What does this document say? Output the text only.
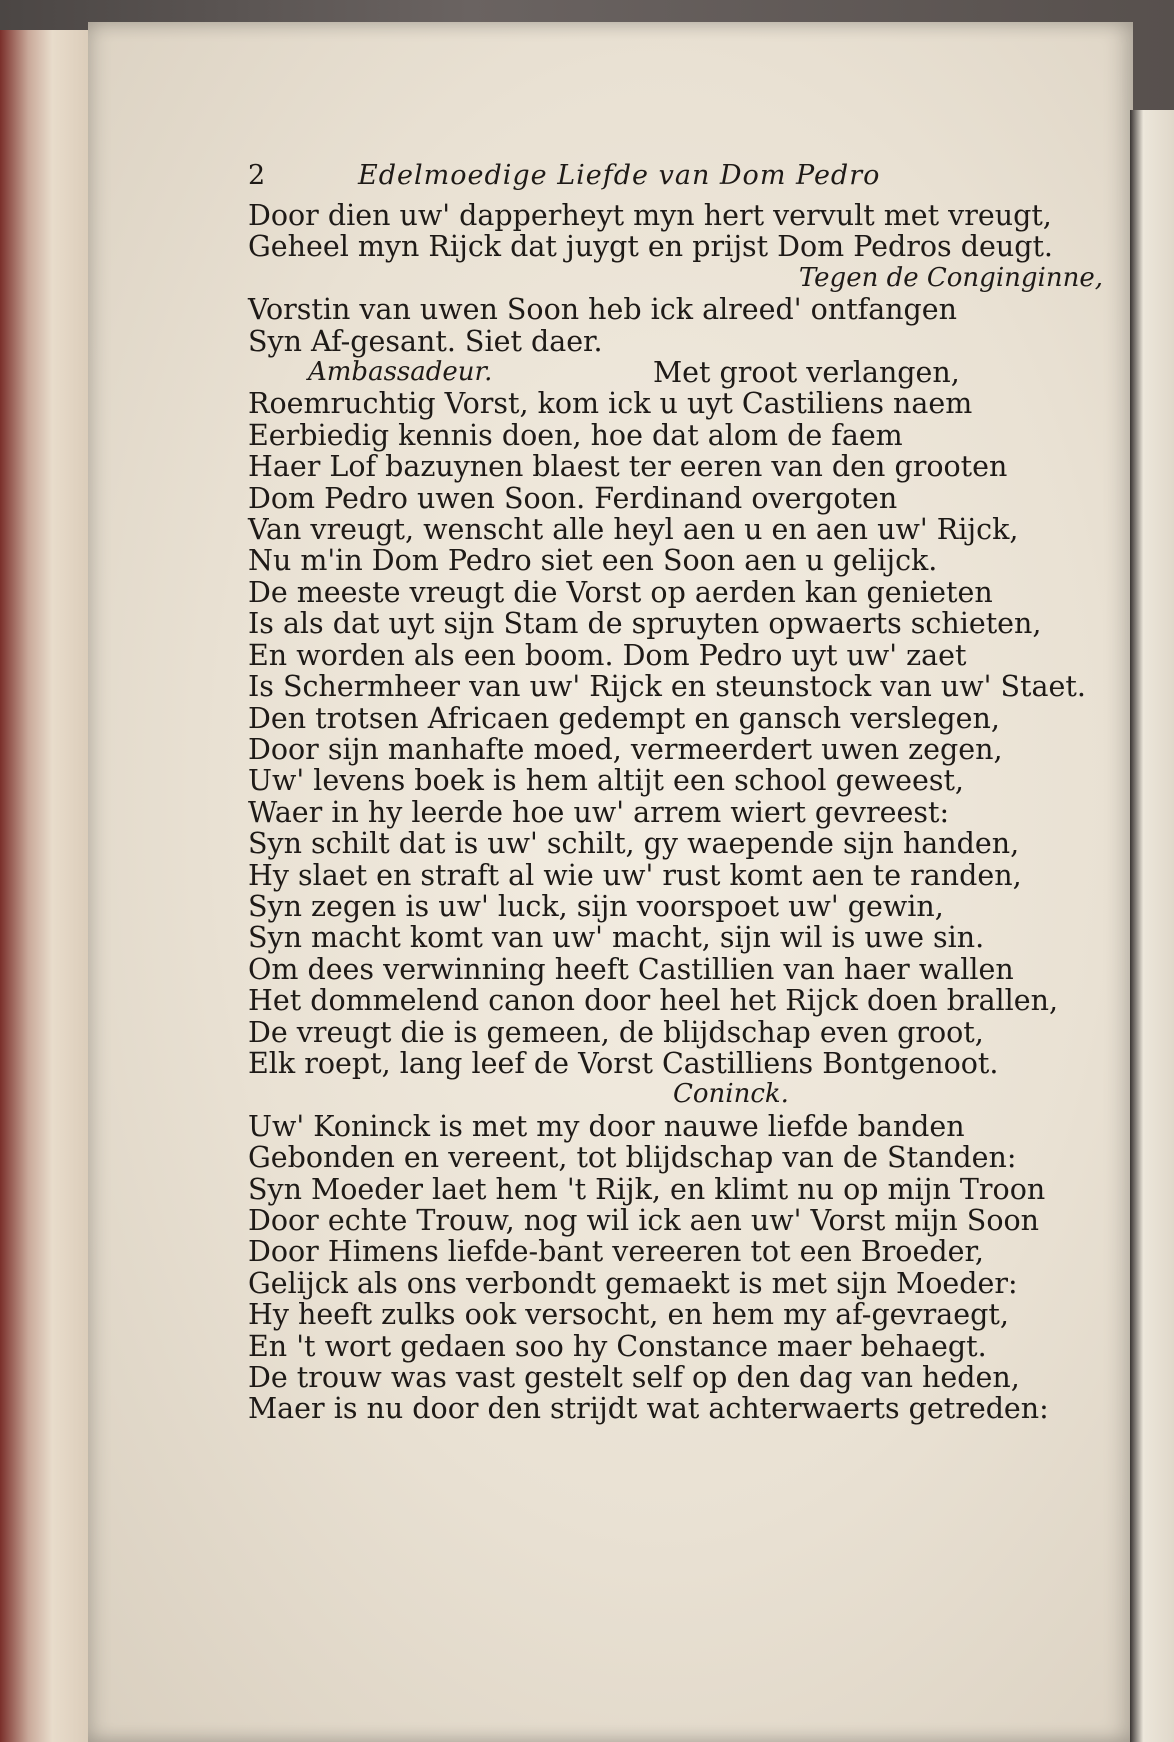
2	Edelmoedige Liefde van Dom Pedro
Door dien uw' dapperheyt myn hert vervult met vreugt,
Geheel myn Rijck dat juygt en prijst Dom Pedros deugt.
Tegen de Conginginne,
Vorstin van uwen Soon heb ick alreed' ontfangen
Syn Af-gesant. Siet daer.
Ambassadeur.	Met groot verlangen,
Roemruchtig Vorst, kom ick u uyt Castiliens naem
Eerbiedig kennis doen, hoe dat alom de faem
Haer Lof bazuynen blaest ter eeren van den grooten
Dom Pedro uwen Soon. Ferdinand overgoten
Van vreugt, wenscht alle heyl aen u en aen uw' Rijck,
Nu m'in Dom Pedro siet een Soon aen u gelijck.
De meeste vreugt die Vorst op aerden kan genieten
Is als dat uyt sijn Stam de spruyten opwaerts schieten,
En worden als een boom. Dom Pedro uyt uw' zaet
Is Schermheer van uw' Rijck en steunstock van uw' Staet.
Den trotsen Africaen gedempt en gansch verslegen,
Door sijn manhafte moed, vermeerdert uwen zegen,
Uw' levens boek is hem altijt een school geweest,
Waer in hy leerde hoe uw' arrem wiert gevreest:
Syn schilt dat is uw' schilt, gy waepende sijn handen,
Hy slaet en straft al wie uw' rust komt aen te randen,
Syn zegen is uw' luck, sijn voorspoet uw' gewin,
Syn macht komt van uw' macht, sijn wil is uwe sin.
Om dees verwinning heeft Castillien van haer wallen
Het dommelend canon door heel het Rijck doen brallen,
De vreugt die is gemeen, de blijdschap even groot,
Elk roept, lang leef de Vorst Castilliens Bontgenoot.
Coninck.
Uw' Koninck is met my door nauwe liefde banden
Gebonden en vereent, tot blijdschap van de Standen:
Syn Moeder laet hem 't Rijk, en klimt nu op mijn Troon
Door echte Trouw, nog wil ick aen uw' Vorst mijn Soon
Door Himens liefde-bant vereeren tot een Broeder,
Gelijck als ons verbondt gemaekt is met sijn Moeder:
Hy heeft zulks ook versocht, en hem my af-gevraegt,
En 't wort gedaen soo hy Constance maer behaegt.
De trouw was vast gestelt self op den dag van heden,
Maer is nu door den strijdt wat achterwaerts getreden:
